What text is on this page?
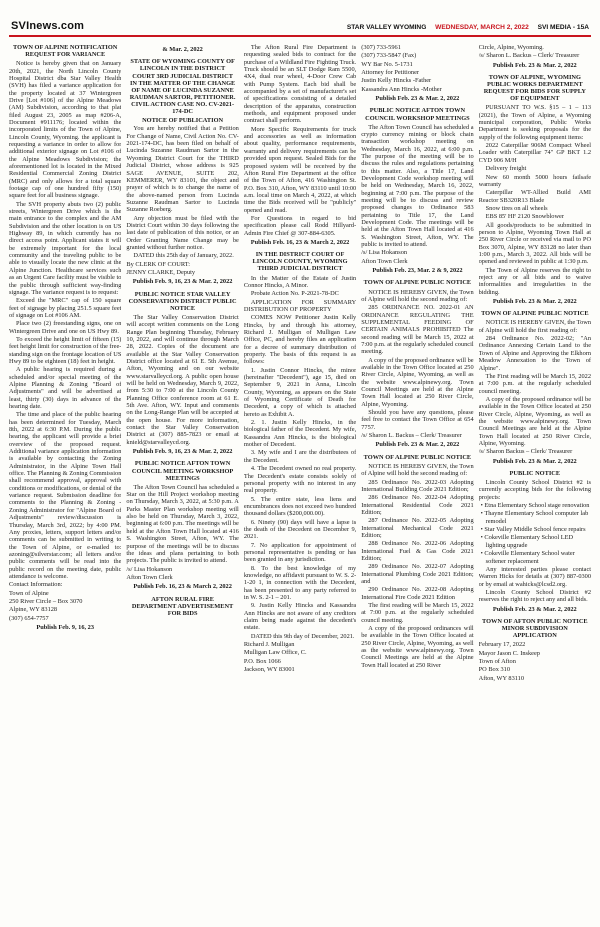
SVInews.com	STAR VALLEY WYOMING WEDNESDAY, MARCH 2, 2022 SVI MEDIA - 15A
TOWN OF ALPINE NOTIFICATION REQUEST FOR VARIANCE
Notice is hereby given that on January 20th, 2021, the North Lincoln County Hospital District dba Star Valley Health (SVH) has filed a variance application for the property located at 37 Wintergreen Drive [Lot #106] of the Alpine Meadows (AM) Subdivision, according to that plat filed August 23, 2005 as map #206-A, Document #911176; located within the incorporated limits of the Town of Alpine, Lincoln County, Wyoming. the applicant is requesting a variance in order to allow for additional exterior signage on Lot #106 of the Alpine Meadows Subdivision; the aforementioned lot is located in the Mixed Residential Commercial Zoning District (MRC) and only allows for a total square footage cap of one hundred fifty (150) square feet for all business signage.
The SVH property abuts two (2) public streets, Wintergreen Drive which is the main entrance to the complex and the AM Subdivision and the other location is on US Highway 89, in which currently has no direct access point. Applicant states it will be extremely important for the local community and the traveling public to be able to visually locate the new clinic at the Alpine Junction. Healthcare services such as an Urgent Care facility must be visible to the public through sufficient way-finding signage. The variance request is to request:
Exceed the "MRC" cap of 150 square feet of signage by placing 251.5 square feet of signage on Lot #106 AM.
Place two (2) freestanding signs, one on Wintergreen Drive and one on US Hwy 89.
To exceed the height limit of fifteen (15) feet height limit for construction of the free-standing sign on the frontage location of US Hwy 89 to be eighteen (18) feet in height.
A public hearing is required during a scheduled and/or special meeting of the Alpine Planning & Zoning "Board of Adjustments" and will be advertised at least, thirty (30) days in advance of the hearing date.
The time and place of the public hearing has been determined for Tuesday, March 8th, 2022 at 6:30 P.M. During the public hearing, the applicant will provide a brief overview of the proposed request. Additional variance application information is available by contacting the Zoning Administrator, in the Alpine Town Hall office. The Planning & Zoning Commission shall recommend approval, approval with conditions or modifications, or denial of the variance request. Submission deadline for comments to the Planning & Zoning - Zoning Administrator for "Alpine Board of Adjustments" review/discussion is Thursday, March 3rd, 2022; by 4:00 PM. Any proxies, letters, support letters and/or comments can be submitted in writing to the Town of Alpine, or e-mailed to: azoning@silverstar.com; all letters and/or public comments will be read into the public record on the meeting date, public attendance is welcome.
Contact Information:
Town of Alpine
250 River Circle – Box 3070
Alpine, WY 83128
(307) 654-7757
Publish Feb. 9, 16, 23
& Mar. 2, 2022
STATE OF WYOMING COUNTY OF LINCOLN IN THE DISTRICT COURT 3RD JUDICIAL DISTRICT IN THE MATTER OF THE CHANGE OF NAME OF LUCINDA SUZANNE RAUDMAN SARTOR, PETITIONER. CIVIL ACTION CASE NO. CV-2021-174-DC
NOTICE OF PUBLICATION
You are hereby notified that a Petition For Change of Name, Civil Action No. CV-2021-174-DC, has been filed on behalf of Lucinda Suzanne Raudman Sartor in the Wyoming District Court for the THIRD Judicial District, whose address is 925 SAGE AVENUE, SUITE 202, KEMMERER, WY 83101, the object and prayer of which is to change the name of the above-named person from Lucinda Suzanne Raudman Sartor to Lucinda Suzanne Roeberg.
Any objection must be filed with the District Court within 30 days following the last date of publication of this notice, or an Order Granting Name Change may be granted without further notice.
DATED this 25th day of January, 2022.
By CLERK OF COURT:
JENNY CLARKE, Deputy
Publish Feb. 9, 16, 23 & Mar. 2, 2022
PUBLIC NOTICE STAR VALLEY CONSERVATION DISTRICT PUBLIC NOTICE
The Star Valley Conservation District will accept written comments on the Long Range Plan beginning Thursday, February 10, 2022, and will continue through March 28, 2022. Copies of the document are available at the Star Valley Conservation District office located at 61 E. 5th Avenue, Afton, Wyoming and on our website www.starvalleycd.org. A public open house will be held on Wednesday, March 9, 2022, from 5:30 to 7:00 at the Lincoln County Planning Office conference room at 61 E. 5th Ave. Afton, WY. Input and comments on the Long-Range Plan will be accepted at the open house. For more information, contact the Star Valley Conservation District at (307) 885-7823 or email at knield@starvalleycd.org.
Publish Feb. 9, 16, 23 & Mar. 2, 2022
PUBLIC NOTICE AFTON TOWN COUNCIL MEETING WORKSHOP MEETINGS
The Afton Town Council has scheduled a Star on the Hill Project workshop meeting on Thursday, March 3, 2022, at 5:30 p.m. A Parks Master Plan workshop meeting will also be held on Thursday, March 3, 2022, beginning at 6:00 p.m. The meetings will be held at the Afton Town Hall located at 416 S. Washington Street, Afton, WY. The purpose of the meetings will be to discuss the ideas and plans pertaining to both projects. The public is invited to attend.
/s/ Lisa Hokanson
Afton Town Clerk
Publish Feb. 16, 23 & March 2, 2022
AFTON RURAL FIRE DEPARTMENT ADVERTISEMENT FOR BIDS
The Afton Rural Fire Department is requesting sealed bids to contract for the purchase of a Wildland Fire Fighting Truck. Truck should be an SLT Dodge Ram 5500, 4X4, dual rear wheel, 4-Door Crew Cab with Pump System. Each bid shall be accompanied by a set of manufacturer's set of specifications consisting of a detailed description of the apparatus, construction methods, and equipment proposed under contract shall perform.
More Specific Requirements for truck and accessories as well as information about quality, performance requirements, warranty and delivery requirements can be provided upon request. Sealed Bids for the proposed system will be received by the Afton Rural Fire Department at the office of the Town of Afton, 416 Washington St. P.O. Box 310, Afton, WY 83110 until 10:00 a.m. local time on March 4, 2022, at which time the Bids received will be "publicly" opened and read.
For Questions in regard to bid specification please call Rodd Hillyard-Admin Fire Chief @ 307-884-6305.
Publish Feb. 16, 23 & March 2, 2022
IN THE DISTRICT COURT OF LINCOLN COUNTY, WYOMING THIRD JUDICIAL DISTRICT
In the Matter of the Estate of Justin Connor Hincks, A Minor.
Probate Action No. P-2021-78-DC
APPLICATION FOR SUMMARY DISTRIBUTION OF PROPERTY
COMES NOW Petitioner Justin Kelly Hincks, by and through his attorney, Richard J. Mulligan of Mulligan Law Office, PC, and hereby files an application for a decree of summary distribution of property. The basis of this request is as follows:
1. Justin Connor Hincks, the minor (hereinafter "Decedent"), age 15, died on September 9, 2021 in Anna, Lincoln County, Wyoming, as appears on the State of Wyoming Certificate of Death for Decedent, a copy of which is attached hereto as Exhibit A.
2. 1. Justin Kelly Hincks, in the biological father of the Decedent. My wife, Kassandra Ann Hincks, is the biological mother of Decedent.
3. My wife and I are the distributees of the Decedent.
4. The Decedent owned no real property. The Decedent's estate consists solely of personal property with no interest in any real property.
5. The entire state, less liens and encumbrances does not exceed two hundred thousand dollars ($200,000.00).
6. Ninety (90) days will have a lapse is the death of the Decedent on December 9, 2021.
7. No application for appointment of personal representative is pending or has been granted in any jurisdiction.
8. To the best knowledge of my knowledge, no affidavit pursuant to W. S. 2-1-20 1, in connection with the Decedent, has been presented to any party referred to in W. S. 2-1 – 201.
9. Justin Kelly Hincks and Kassandra Ann Hincks are not aware of any creditors claim being made against the decedent's estate.
DATED this 9th day of December, 2021.
Richard J. Mulligan
Mulligan Law Office, C.
P.O. Box 1066
Jackson, WY 83001
(307) 733-5961
(307) 733-5847 (Fax)
WY Bar No. 5-1731
Attorney for Petitioner
Justin Kelly Hincks -Father
Kassandra Ann Hincks -Mother
Publish Feb. 23 & Mar. 2, 2022
PUBLIC NOTICE AFTON TOWN COUNCIL WORKSHOP MEETINGS
The Afton Town Council has scheduled a crypto currency mining or block chain transaction workshop meeting on Wednesday, March 16, 2022, at 6:00 p.m. The purpose of the meeting will be to discuss the rules and regulations pertaining to this matter. Also, a Title 17, Land Development Code workshop meeting will be held on Wednesday, March 16, 2022, beginning at 7:00 p.m. The purpose of the meeting will be to discuss and review proposed changes to Ordinance 583 pertaining to Title 17, the Land Development Code. The meetings will be held at the Afton Town Hall located at 416 S. Washington Street, Afton, WY. The public is invited to attend.
/s/ Lisa Hokanson
Afton Town Clerk
Publish Feb. 23, Mar. 2 & 9, 2022
TOWN OF ALPINE PUBLIC NOTICE
NOTICE IS HEREBY GIVEN, the Town of Alpine will hold the second reading of:
285 ORDINANCE NO. 2022-01 AN ORDINANCE REGULATING THE SUPPLEMENTAL FEEDING OF CERTAIN ANIMALS PROHIBITED The second reading will be March 15, 2022 at 7:00 p.m. at the regularly scheduled council meeting.
A copy of the proposed ordinance will be available in the Town Office located at 250 River Circle, Alpine, Wyoming, as well as the website www.alpinewy.org. Town Council Meetings are held at the Alpine Town Hall located at 250 River Circle, Alpine, Wyoming.
Should you have any questions, please feel free to contact the Town Office at 654 7757.
/s/ Sharon L. Backus – Clerk/ Treasurer
Publish Feb. 23 & Mar. 2, 2022
TOWN OF ALPINE PUBLIC NOTICE
NOTICE IS HEREBY GIVEN, the Town of Alpine will hold the second reading of:
285 Ordinance No. 2022-03 Adopting International Building Code 2021 Edition;
286 Ordinance No. 2022-04 Adopting International Residential Code 2021 Edition;
287 Ordinance No. 2022-05 Adopting International Mechanical Code 2021 Edition;
288 Ordinance No. 2022-06 Adopting International Fuel & Gas Code 2021 Edition;
289 Ordinance No. 2022-07 Adopting International Plumbing Code 2021 Edition; and
290 Ordinance No. 2022-08 Adopting International Fire Code 2021 Edition
The first reading will be March 15, 2022 at 7:00 p.m. at the regularly scheduled council meeting.
A copy of the proposed ordinances will be available in the Town Office located at 250 River Circle, Alpine, Wyoming, as well as the website www.alpinewy.org. Town Council Meetings are held at the Alpine Town Hall located at 250 River
Circle, Alpine, Wyoming.
/s/ Sharon L. Backus – Clerk/ Treasurer
Publish Feb. 23 & Mar. 2, 2022
TOWN OF ALPINE, WYOMING PUBLIC WORKS DEPARTMENT REQUEST FOR BIDS FOR SUPPLY OF EQUIPMENT
PURSUANT TO W.S. §15 – 1 – 113 (2021), the Town of Alpine, a Wyoming municipal corporation, Public Works Department is seeking proposals for the supply of the following equipment items:
2022 Caterpillar 906M Compact Wheel Loader with Caterpillar 74" GP BKT 1.2 CYD 906 M/H
Delivery freight
New 60 month 5000 hours failsafe warranty
Caterpillar WT-Allied Build AMI Reactor SB320R13 Blade
Snow tires on all wheels
EBS 85' HF 2120 Snowblower
All goods/products to be submitted in person to Alpine, Wyoming Town Hall at 250 River Circle or received via mail to PO Box 3070, Alpine, WY 83128 no later than 1:00 p.m., March 3, 2022. All bids will be opened and reviewed in public at 1:30 p.m.
The Town of Alpine reserves the right to reject any or all bids and to waive informalities and irregularities in the bidding.
Publish Feb. 23 & Mar. 2, 2022
TOWN OF ALPINE PUBLIC NOTICE
NOTICE IS HEREBY GIVEN, the Town of Alpine will hold the first reading of:
284 Ordinance No. 2022-02; "An Ordinance Annexing Certain Land to the Town of Alpine and Approving the Elkhorn Meadow Annexation to the Town of Alpine".
The First reading will be March 15, 2022 at 7:00 p.m. at the regularly scheduled council meeting.
A copy of the proposed ordinance will be available in the Town Office located at 250 River Circle, Alpine, Wyoming, as well as the website www.alpinewy.org. Town Council Meetings are held at the Alpine Town Hall located at 250 River Circle, Alpine, Wyoming.
/s/ Sharon Backus – Clerk/ Treasurer
Publish Feb. 23 & Mar. 2, 2022
PUBLIC NOTICE
Lincoln County School District #2 is currently accepting bids for the following projects:
• Etna Elementary School stage renovation
• Thayne Elementary School computer lab remodel
• Star Valley Middle School fence repairs
• Cokeville Elementary School LED lighting upgrade
• Cokeville Elementary School water softener replacement
Any interested parties please contact Warren Hicks for details at (307) 887-0300 or by email at wahicks@lcsd2.org.
Lincoln County School District #2 reserves the right to reject any and all bids.
Publish Feb. 23 & Mar. 2, 2022
TOWN OF AFTON PUBLIC NOTICE MINOR SUBDIVISION APPLICATION
February 17, 2022
Mayor Jason C. Inskeep
Town of Afton
PO Box 310
Afton, WY 83110
